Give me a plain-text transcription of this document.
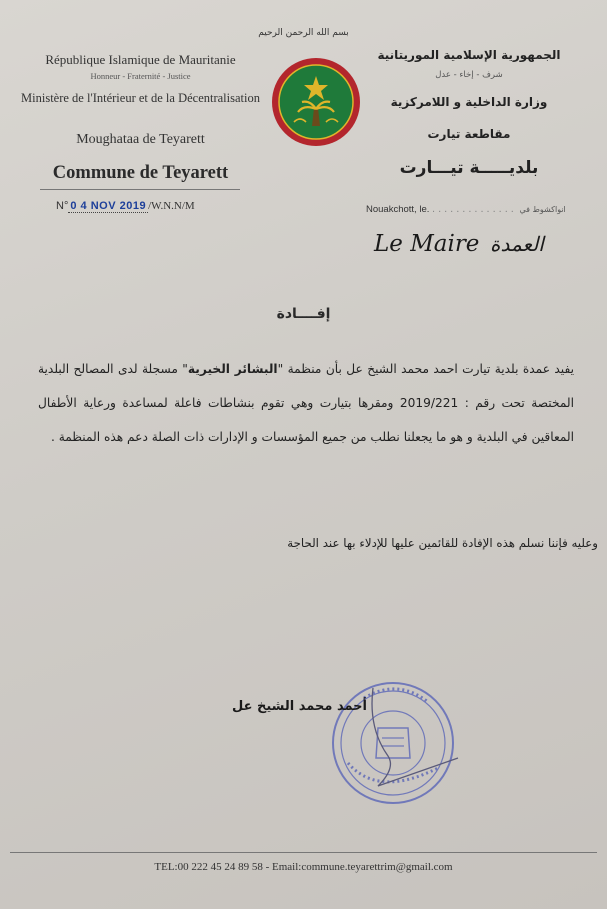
بسم الله الرحمن الرحيم
République Islamique de Mauritanie
Honneur - Fraternité - Justice
Ministère de l'Intérieur et de la Décentralisation
Moughataa de Teyarett
Commune de Teyarett
N° 0 4 NOV 2019 /W.N.N/M
الجمهورية الإسلامية الموريتانية
شرف - إخاء - عدل
وزارة الداخلية و اللامركزية
مقاطعة تيارت
بلديـــــة تيـــارت
Nouakchott, le. .............. انواكشوط في
Le Maire العمدة
إفــــادة
يفيد عمدة بلدية تيارت احمد محمد الشيخ عل بأن منظمة "البشائر الخيرية" مسجلة لدى المصالح البلدية المختصة تحت رقم : 2019/221 ومقرها بتيارت وهي تقوم بنشاطات فاعلة لمساعدة ورعاية الأطفال المعاقين في البلدية و هو ما يجعلنا نطلب من جميع المؤسسات و الإدارات ذات الصلة دعم هذه المنظمة .
وعليه فإننا نسلم هذه الإفادة للقائمين عليها للإدلاء بها عند الحاجة
أحمد محمد الشيخ عل
TEL:00 222 45 24 89 58 - Email:commune.teyarettrim@gmail.com
